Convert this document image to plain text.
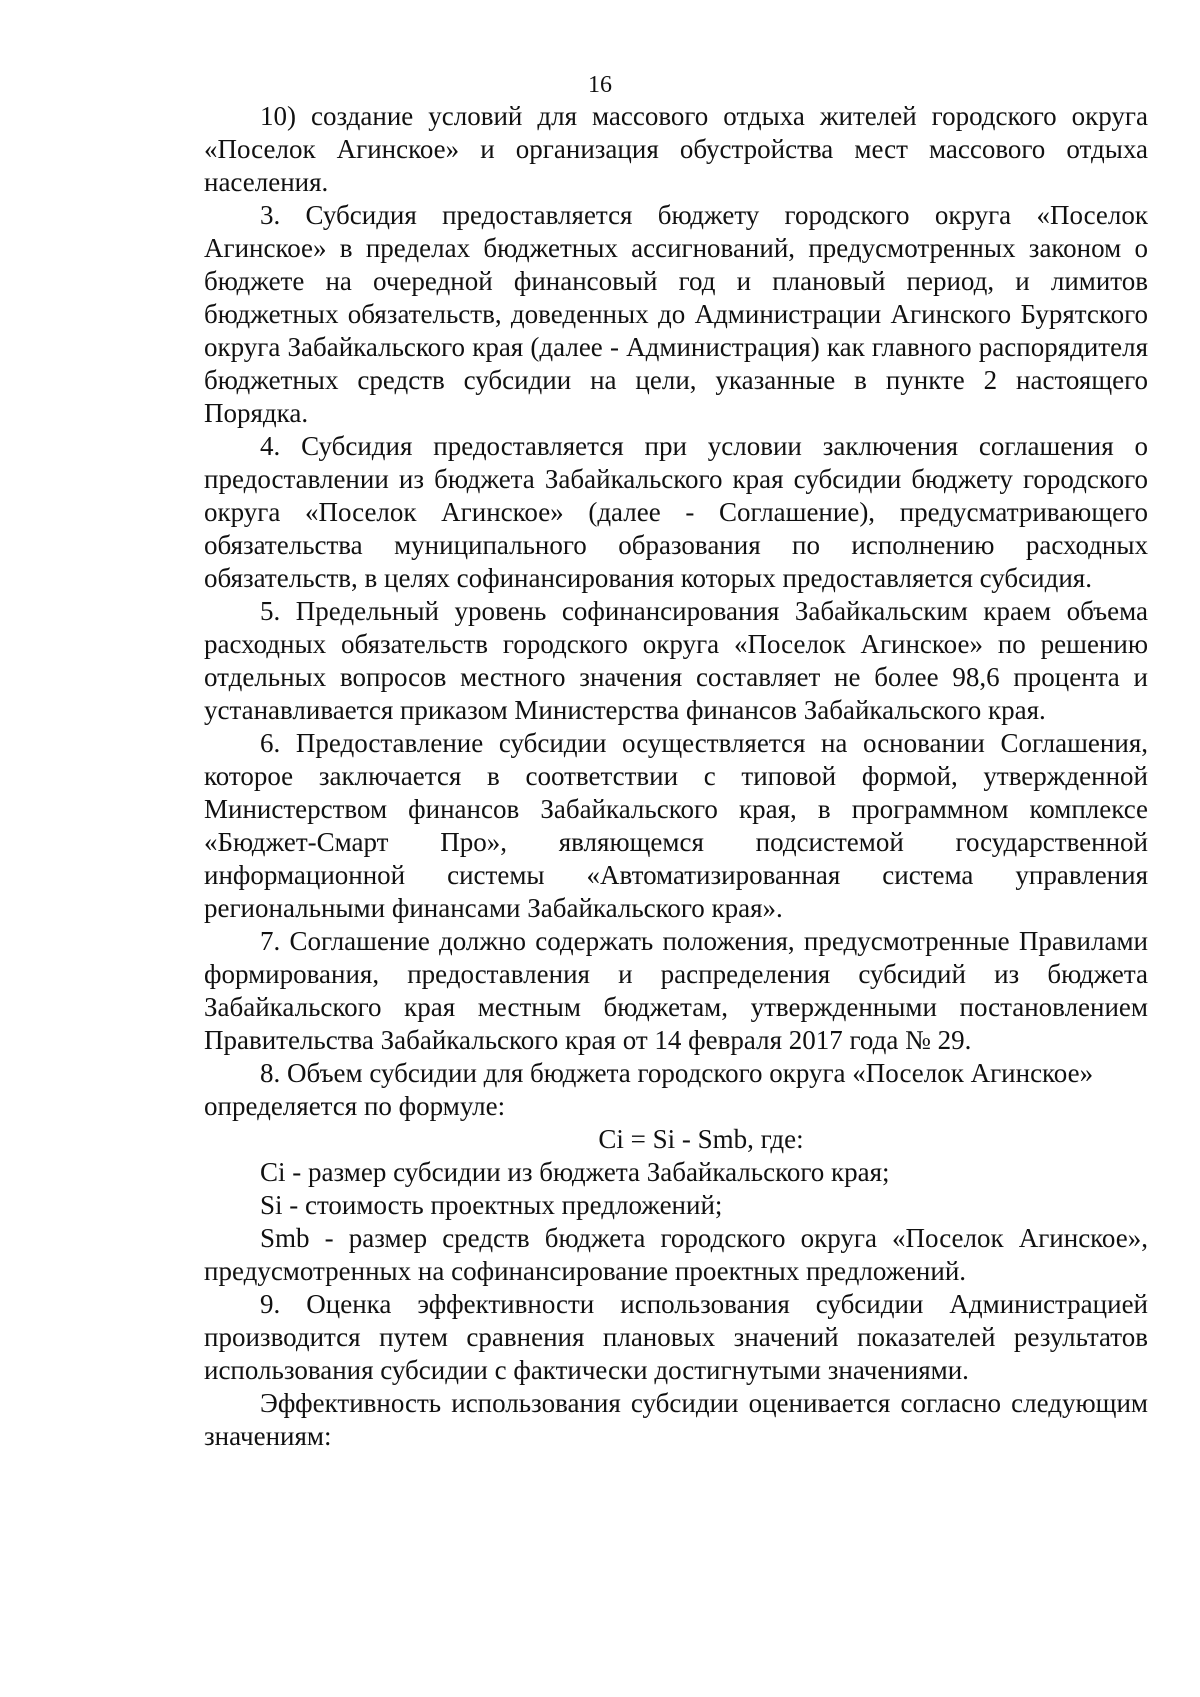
16

10) создание условий для массового отдыха жителей городского округа «Поселок Агинское» и организация обустройства мест массового отдыха населения.

3. Субсидия предоставляется бюджету городского округа «Поселок Агинское» в пределах бюджетных ассигнований, предусмотренных законом о бюджете на очередной финансовый год и плановый период, и лимитов бюджетных обязательств, доведенных до Администрации Агинского Бурятского округа Забайкальского края (далее - Администрация) как главного распорядителя бюджетных средств субсидии на цели, указанные в пункте 2 настоящего Порядка.

4. Субсидия предоставляется при условии заключения соглашения о предоставлении из бюджета Забайкальского края субсидии бюджету городского округа «Поселок Агинское» (далее - Соглашение), предусматривающего обязательства муниципального образования по исполнению расходных обязательств, в целях софинансирования которых предоставляется субсидия.

5. Предельный уровень софинансирования Забайкальским краем объема расходных обязательств городского округа «Поселок Агинское» по решению отдельных вопросов местного значения составляет не более 98,6 процента и устанавливается приказом Министерства финансов Забайкальского края.

6. Предоставление субсидии осуществляется на основании Соглашения, которое заключается в соответствии с типовой формой, утвержденной Министерством финансов Забайкальского края, в программном комплексе «Бюджет-Смарт Про», являющемся подсистемой государственной информационной системы «Автоматизированная система управления региональными финансами Забайкальского края».

7. Соглашение должно содержать положения, предусмотренные Правилами формирования, предоставления и распределения субсидий из бюджета Забайкальского края местным бюджетам, утвержденными постановлением Правительства Забайкальского края от 14 февраля 2017 года № 29.

8. Объем субсидии для бюджета городского округа «Поселок Агинское» определяется по формуле:

Ci = Si - Smb, где:

Ci - размер субсидии из бюджета Забайкальского края;

Si - стоимость проектных предложений;

Smb - размер средств бюджета городского округа «Поселок Агинское», предусмотренных на софинансирование проектных предложений.

9. Оценка эффективности использования субсидии Администрацией производится путем сравнения плановых значений показателей результатов использования субсидии с фактически достигнутыми значениями.

Эффективность использования субсидии оценивается согласно следующим значениям:
